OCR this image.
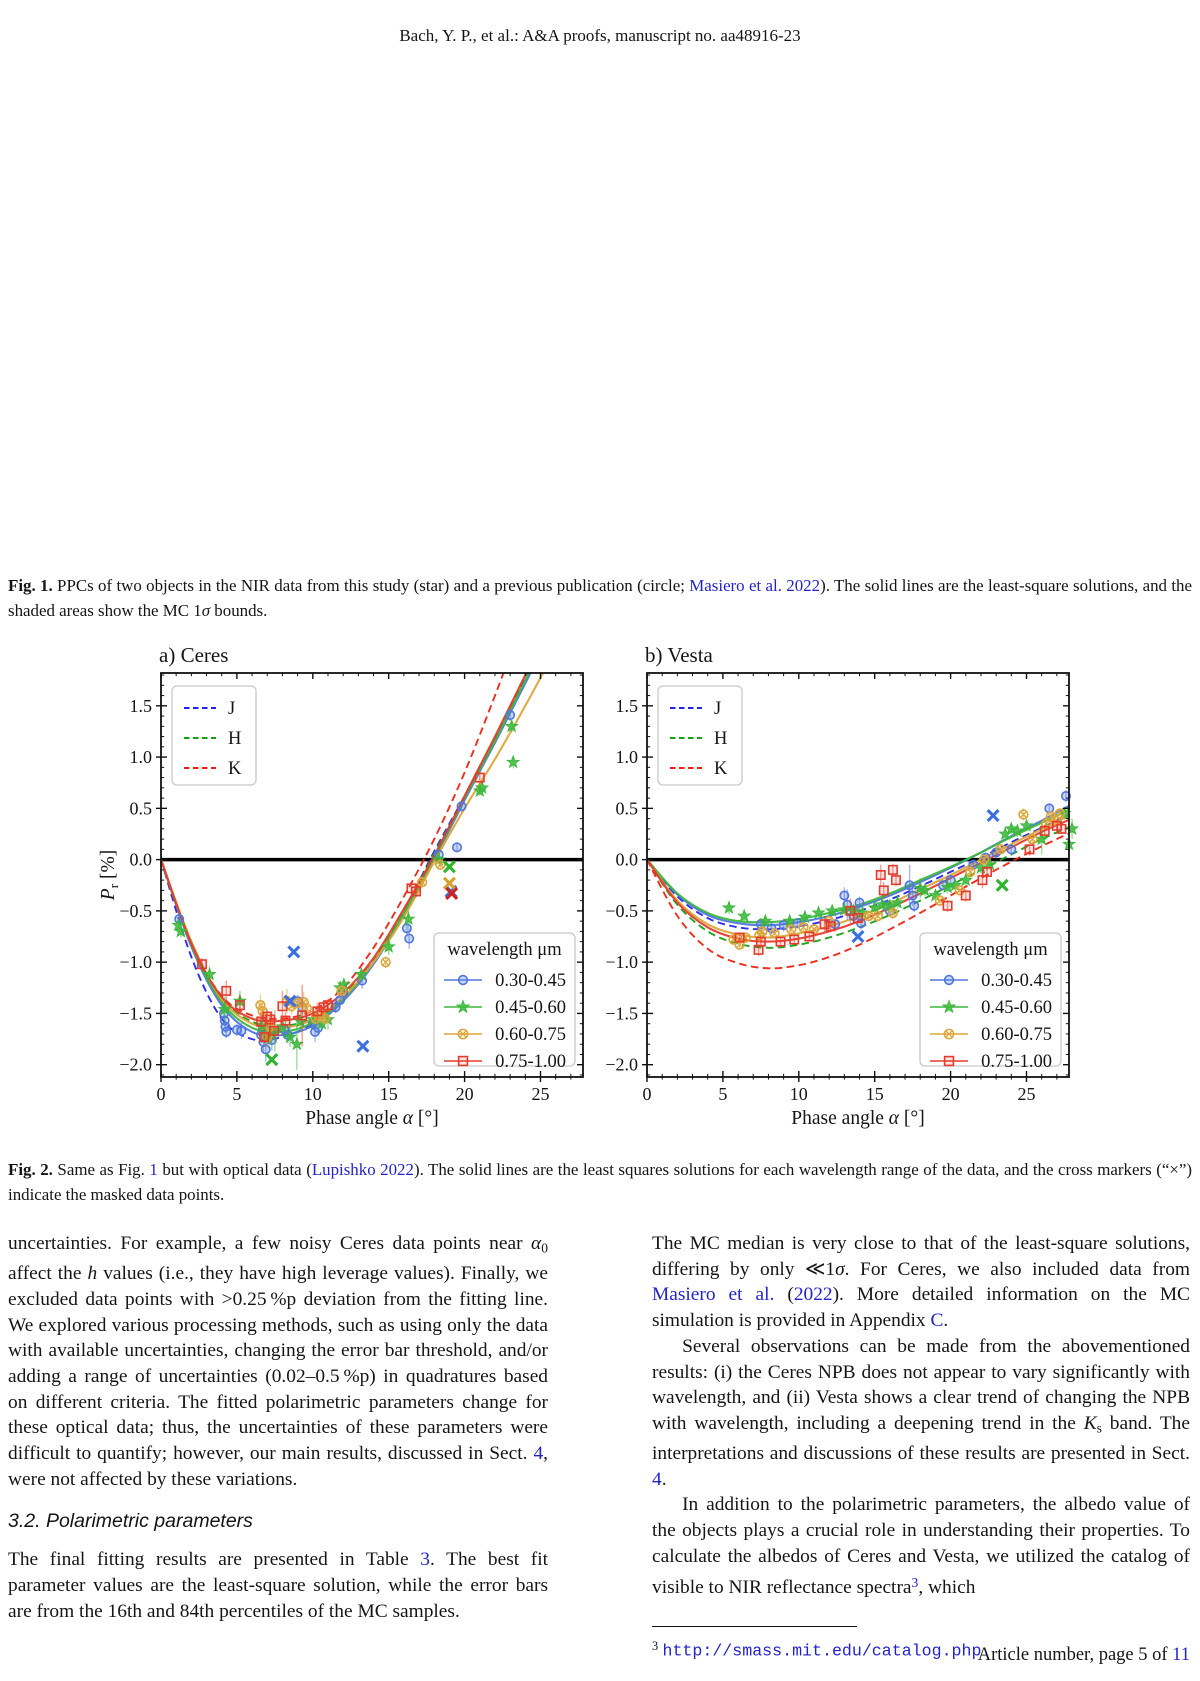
Bach, Y. P., et al.: A&A proofs, manuscript no. aa48916-23

Fig. 1. PPCs of two objects in the NIR data from this study (star) and a previous publication (circle; Masiero et al. 2022). The solid lines are the least-square solutions, and the shaded areas show the MC 1σ bounds.

0	5	10	15	20	25
−2.0
−1.5
−1.0
−0.5
0.0
0.5
1.0
1.5
a) Ceres
Phase angle α [°]
$P_r$ [%]
J
H
K
wavelength μm
0.30-0.45
0.45-0.60
0.60-0.75
0.75-1.00
0	5	10	15	20	25
−2.0
−1.5
−1.0
−0.5
0.0
0.5
1.0
1.5
b) Vesta
Phase angle α [°]
J
H
K
wavelength μm
0.30-0.45
0.45-0.60
0.60-0.75
0.75-1.00

Fig. 2. Same as Fig. 1 but with optical data (Lupishko 2022). The solid lines are the least squares solutions for each wavelength range of the data, and the cross markers (“×”) indicate the masked data points.

uncertainties. For example, a few noisy Ceres data points near $\alpha_0$ affect the h values (i.e., they have high leverage values). Finally, we excluded data points with >0.25 %p deviation from the fitting line. We explored various processing methods, such as using only the data with available uncertainties, changing the error bar threshold, and/or adding a range of uncertainties (0.02–0.5 %p) in quadratures based on different criteria. The fitted polarimetric parameters change for these optical data; thus, the uncertainties of these parameters were difficult to quantify; however, our main results, discussed in Sect. 4, were not affected by these variations.

3.2. Polarimetric parameters

The final fitting results are presented in Table 3. The best fit parameter values are the least-square solution, while the error bars are from the 16th and 84th percentiles of the MC samples.

The MC median is very close to that of the least-square solutions, differing by only ≪1σ. For Ceres, we also included data from Masiero et al. (2022). More detailed information on the MC simulation is provided in Appendix C.

Several observations can be made from the abovementioned results: (i) the Ceres NPB does not appear to vary significantly with wavelength, and (ii) Vesta shows a clear trend of changing the NPB with wavelength, including a deepening trend in the $K_s$ band. The interpretations and discussions of these results are presented in Sect. 4.

In addition to the polarimetric parameters, the albedo value of the objects plays a crucial role in understanding their properties. To calculate the albedos of Ceres and Vesta, we utilized the catalog of visible to NIR reflectance spectra$^3$, which

$^3$ http://smass.mit.edu/catalog.php
Article number, page 5 of 11
